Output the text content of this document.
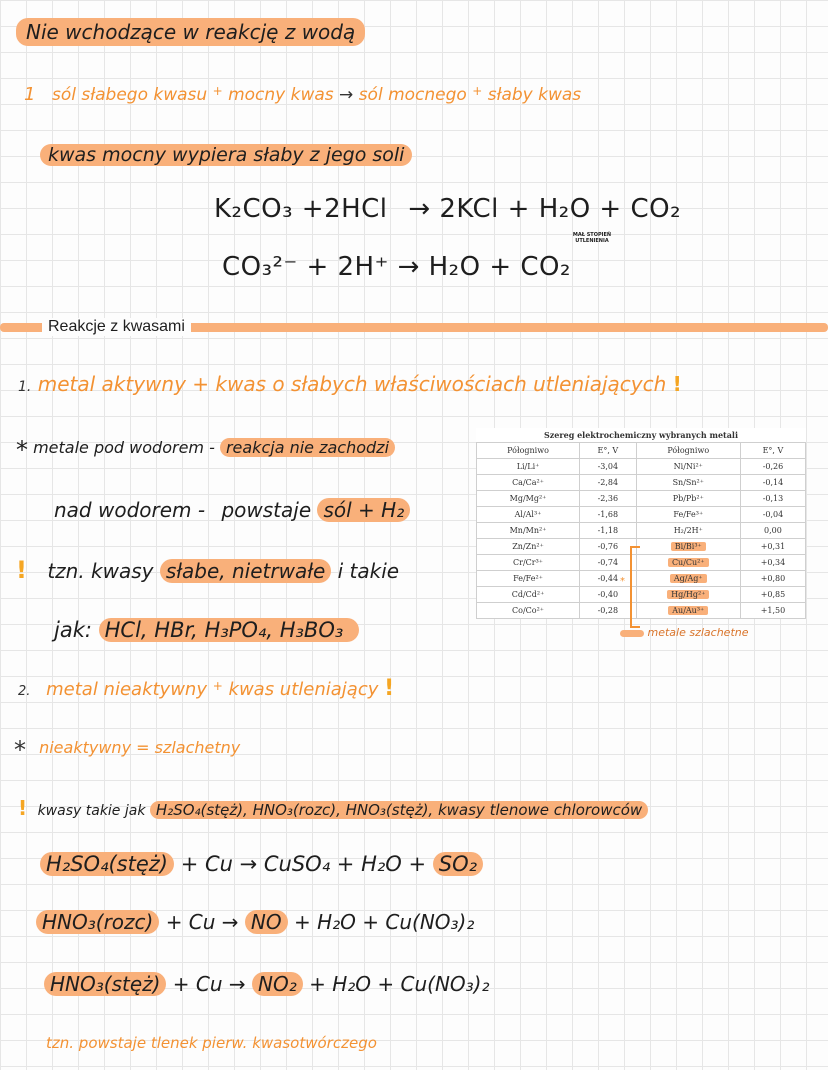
Nie wchodzące w reakcję z wodą
1 sól słabego kwasu + mocny kwas → sól mocnego + słaby kwas
kwas mocny wypiera słaby z jego soli
K₂CO₃ +2HCl → 2KCl + H₂O + CO₂
MAŁ STOPIEŃ UTLENIENIA
CO₃²⁻ + 2H⁺ → H₂O + CO₂
Reakcje z kwasami
1. metal aktywny + kwas o słabych właściwościach utleniających !
* metale pod wodorem - reakcja nie zachodzi
nad wodorem - powstaje sól + H₂
! tzn. kwasy słabe, nietrwałe i takie
jak: HCl, HBr, H₃PO₄, H₃BO₃
2. metal nieaktywny + kwas utleniający !
* nieaktywny = szlachetny
! kwasy takie jak H₂SO₄(stęż), HNO₃(rozc), HNO₃(stęż), kwasy tlenowe chlorowców
H₂SO₄(stęż) + Cu → CuSO₄ + H₂O + SO₂
HNO₃(rozc) + Cu → NO + H₂O + Cu(NO₃)₂
HNO₃(stęż) + Cu → NO₂ + H₂O + Cu(NO₃)₂
tzn. powstaje tlenek pierw. kwasotwórczego
Szereg elektrochemiczny wybranych metali			
Półogniwo	E°, V	Półogniwo	E°, V
Li/Li⁺	-3,04	Ni/Ni²⁺	-0,26
Ca/Ca²⁺	-2,84	Sn/Sn²⁺	-0,14
Mg/Mg²⁺	-2,36	Pb/Pb²⁺	-0,13
Al/Al³⁺	-1,68	Fe/Fe³⁺	-0,04
Mn/Mn²⁺	-1,18	H₂/2H⁺	0,00
Zn/Zn²⁺	-0,76	Bi/Bi³⁺	+0,31
Cr/Cr³⁺	-0,74	Cu/Cu²⁺	+0,34
Fe/Fe²⁺	-0,44	Ag/Ag⁺	+0,80
Cd/Cd²⁺	-0,40	Hg/Hg²⁺	+0,85
Co/Co²⁺	-0,28	Au/Au³⁺	+1,50
*
metale szlachetne
